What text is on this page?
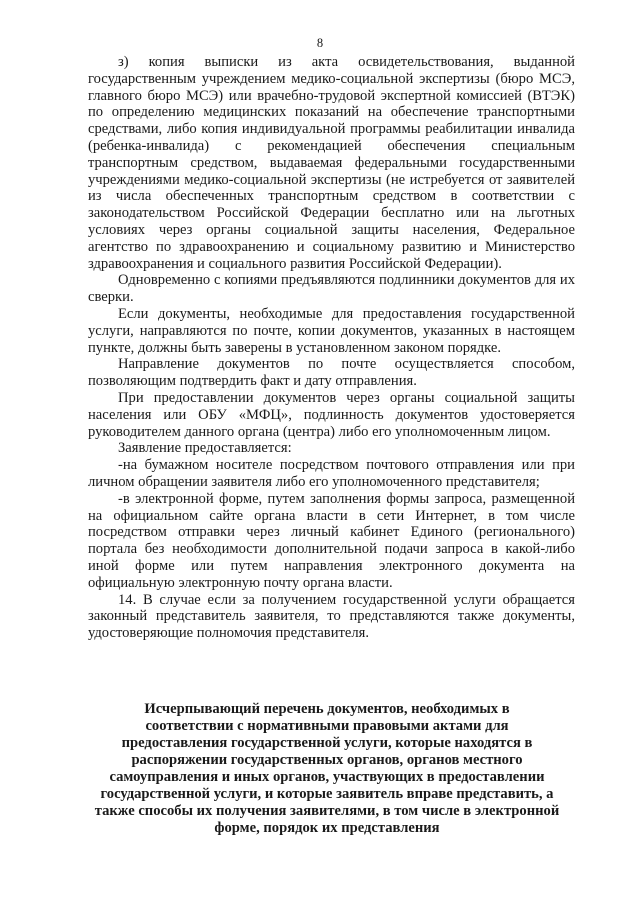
8

з) копия выписки из акта освидетельствования, выданной государственным учреждением медико-социальной экспертизы (бюро МСЭ, главного бюро МСЭ) или врачебно-трудовой экспертной комиссией (ВТЭК) по определению медицинских показаний на обеспечение транспортными средствами, либо копия индивидуальной программы реабилитации инвалида (ребенка-инвалида) с рекомендацией обеспечения специальным транспортным средством, выдаваемая федеральными государственными учреждениями медико-социальной экспертизы (не истребуется от заявителей из числа обеспеченных транспортным средством в соответствии с законодательством Российской Федерации бесплатно или на льготных условиях через органы социальной защиты населения, Федеральное агентство по здравоохранению и социальному развитию и Министерство здравоохранения и социального развития Российской Федерации).

Одновременно с копиями предъявляются подлинники документов для их сверки.

Если документы, необходимые для предоставления государственной услуги, направляются по почте, копии документов, указанных в настоящем пункте, должны быть заверены в установленном законом порядке.

Направление документов по почте осуществляется способом, позволяющим подтвердить факт и дату отправления.

При предоставлении документов через органы социальной защиты населения или ОБУ «МФЦ», подлинность документов удостоверяется руководителем данного органа (центра) либо его уполномоченным лицом.

Заявление предоставляется:

-на бумажном носителе посредством почтового отправления или при личном обращении заявителя либо его уполномоченного представителя;

-в электронной форме, путем заполнения формы запроса, размещенной на официальном сайте органа власти в сети Интернет, в том числе посредством отправки через личный кабинет Единого (регионального) портала без необходимости дополнительной подачи запроса в какой-либо иной форме или путем направления электронного документа на официальную электронную почту органа власти.

14. В случае если за получением государственной услуги обращается законный представитель заявителя, то представляются также документы, удостоверяющие полномочия представителя.

Исчерпывающий перечень документов, необходимых в
соответствии с нормативными правовыми актами для
предоставления государственной услуги, которые находятся в
распоряжении государственных органов, органов местного
самоуправления и иных органов, участвующих в предоставлении
государственной услуги, и которые заявитель вправе представить, а
также способы их получения заявителями, в том числе в электронной
форме, порядок их представления
